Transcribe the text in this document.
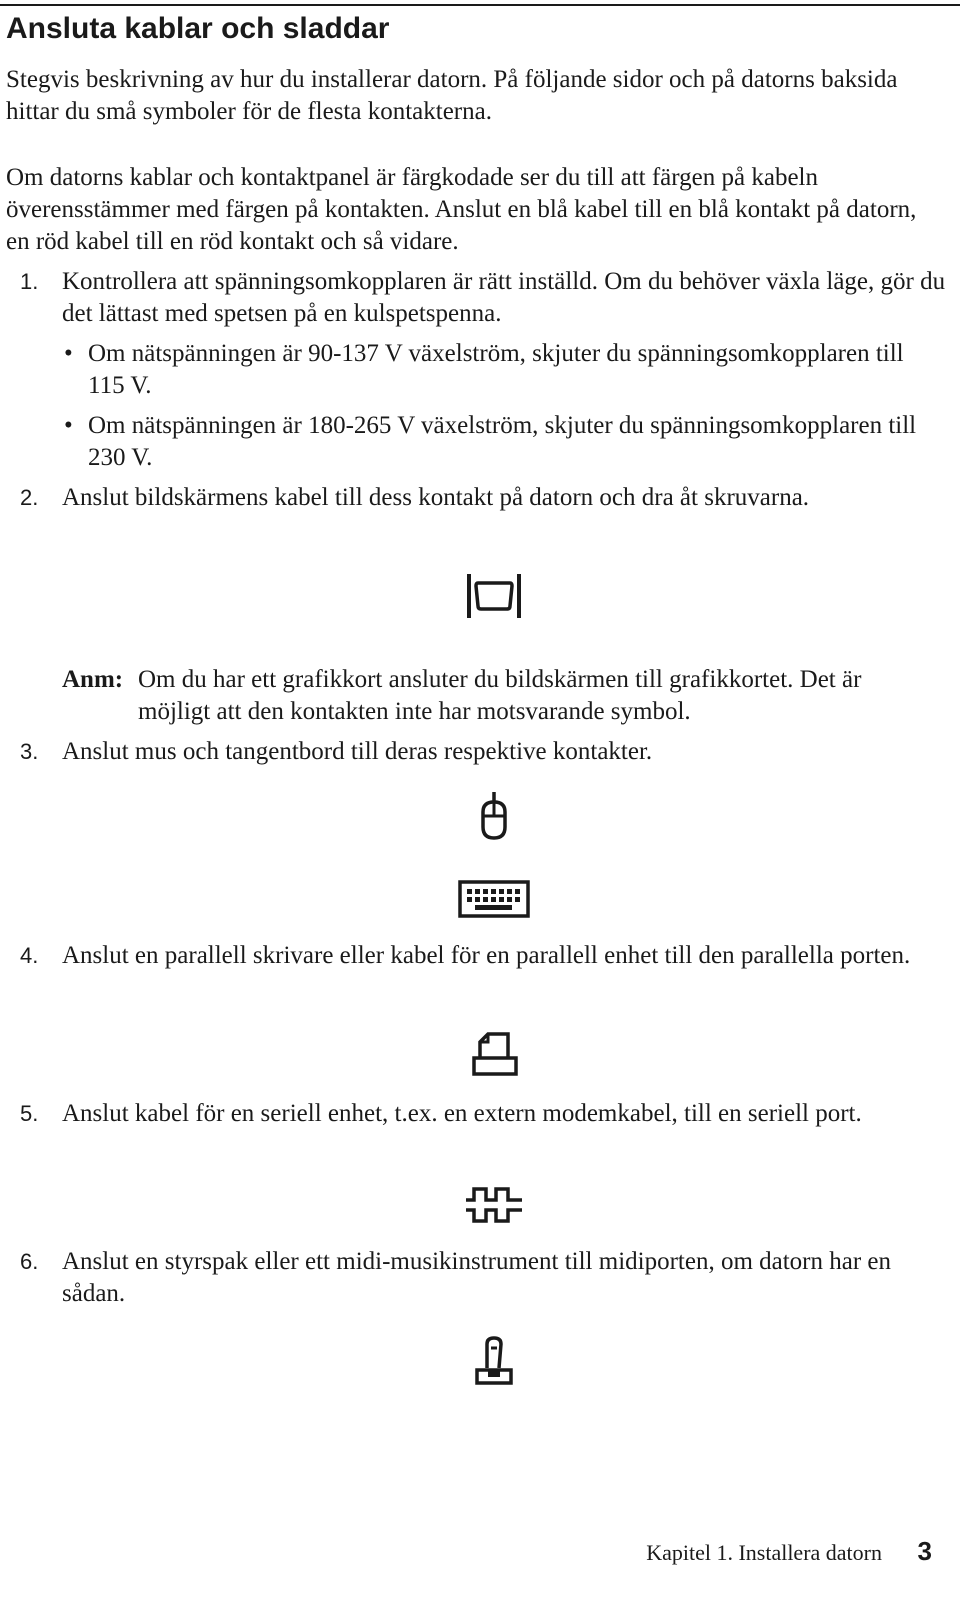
Ansluta kablar och sladdar

Stegvis beskrivning av hur du installerar datorn. På följande sidor och på datorns baksida hittar du små symboler för de flesta kontakterna.

Om datorns kablar och kontaktpanel är färgkodade ser du till att färgen på kabeln överensstämmer med färgen på kontakten. Anslut en blå kabel till en blå kontakt på datorn, en röd kabel till en röd kontakt och så vidare.

1. Kontrollera att spänningsomkopplaren är rätt inställd. Om du behöver växla läge, gör du det lättast med spetsen på en kulspetspenna.
• Om nätspänningen är 90-137 V växelström, skjuter du spänningsomkopplaren till 115 V.
• Om nätspänningen är 180-265 V växelström, skjuter du spänningsomkopplaren till 230 V.
2. Anslut bildskärmens kabel till dess kontakt på datorn och dra åt skruvarna.
Anm: Om du har ett grafikkort ansluter du bildskärmen till grafikkortet. Det är möjligt att den kontakten inte har motsvarande symbol.
3. Anslut mus och tangentbord till deras respektive kontakter.
4. Anslut en parallell skrivare eller kabel för en parallell enhet till den parallella porten.
5. Anslut kabel för en seriell enhet, t.ex. en extern modemkabel, till en seriell port.
6. Anslut en styrspak eller ett midi-musikinstrument till midiporten, om datorn har en sådan.
Kapitel 1. Installera datorn 3
